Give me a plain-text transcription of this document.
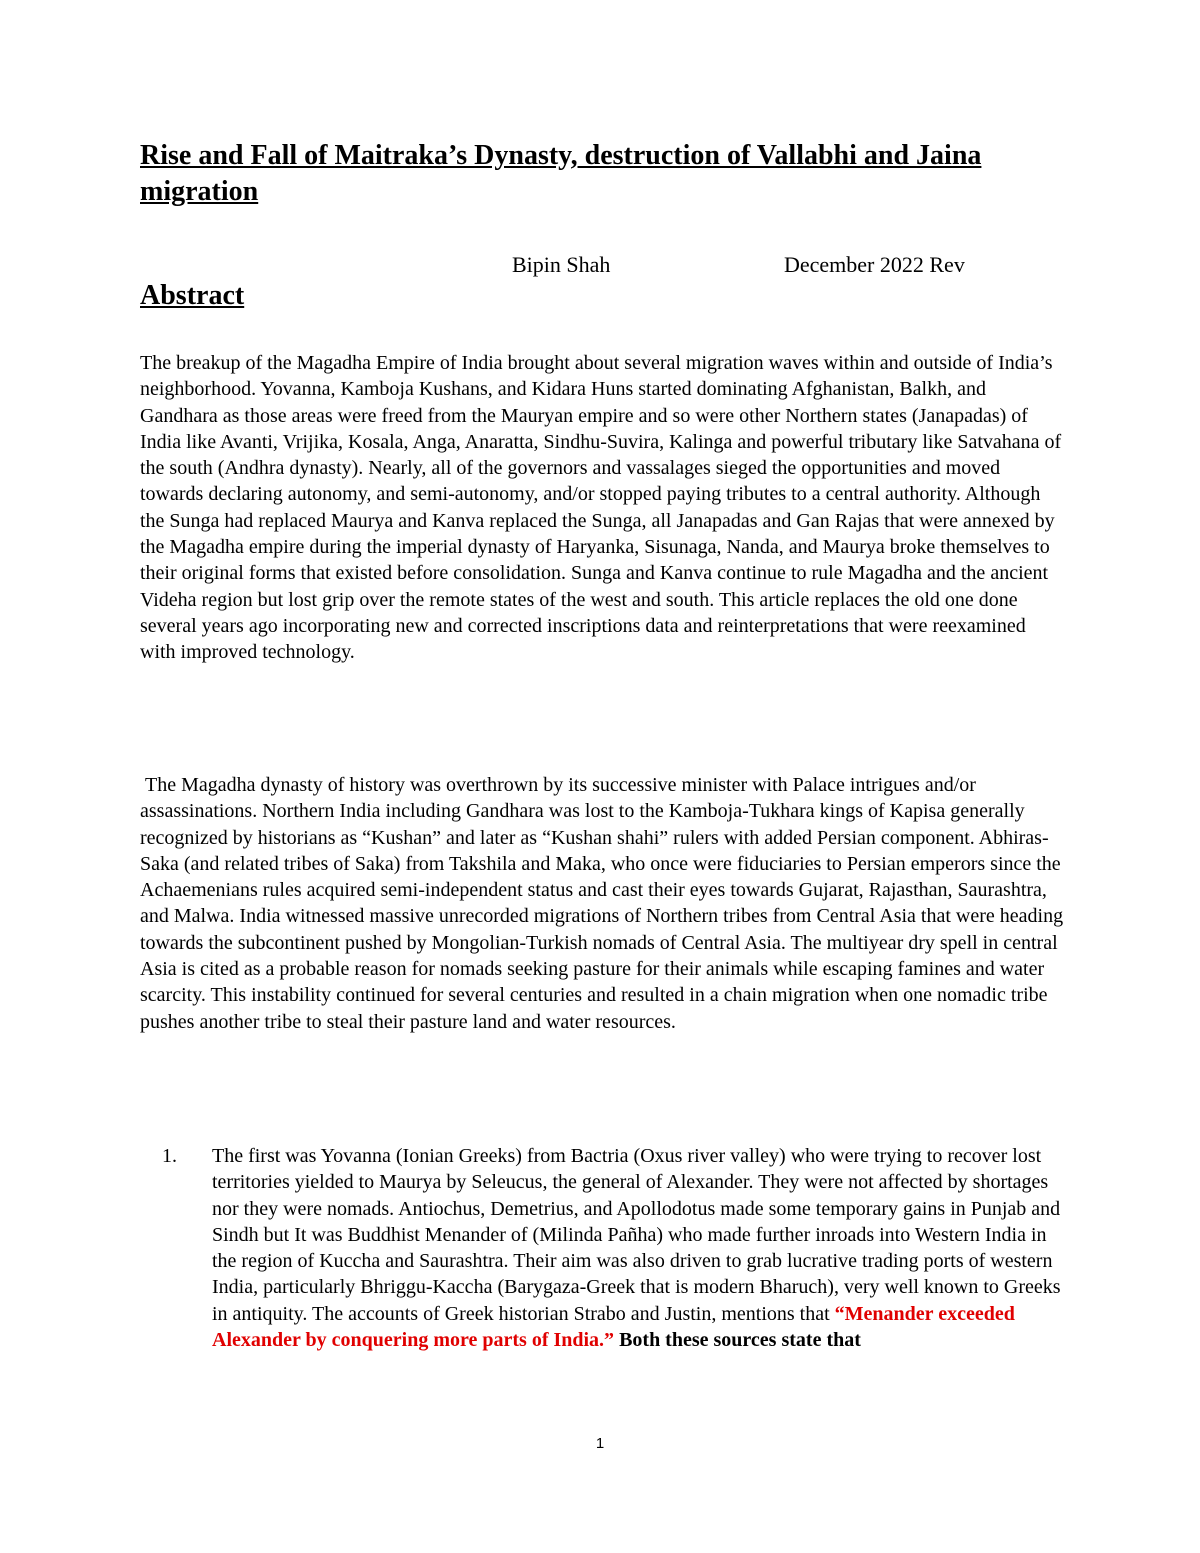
Rise and Fall of Maitraka’s Dynasty, destruction of Vallabhi and Jaina migration
Bipin Shah	December 2022 Rev
Abstract

The breakup of the Magadha Empire of India brought about several migration waves within and outside of India’s neighborhood. Yovanna, Kamboja Kushans, and Kidara Huns started dominating Afghanistan, Balkh, and Gandhara as those areas were freed from the Mauryan empire and so were other Northern states (Janapadas) of India like Avanti, Vrijika, Kosala, Anga, Anaratta, Sindhu-Suvira, Kalinga and powerful tributary like Satvahana of the south (Andhra dynasty). Nearly, all of the governors and vassalages sieged the opportunities and moved towards declaring autonomy, and semi-autonomy, and/or stopped paying tributes to a central authority. Although the Sunga had replaced Maurya and Kanva replaced the Sunga, all Janapadas and Gan Rajas that were annexed by the Magadha empire during the imperial dynasty of Haryanka, Sisunaga, Nanda, and Maurya broke themselves to their original forms that existed before consolidation. Sunga and Kanva continue to rule Magadha and the ancient Videha region but lost grip over the remote states of the west and south. This article replaces the old one done several years ago incorporating new and corrected inscriptions data and reinterpretations that were reexamined with improved technology.

The Magadha dynasty of history was overthrown by its successive minister with Palace intrigues and/or assassinations. Northern India including Gandhara was lost to the Kamboja-Tukhara kings of Kapisa generally recognized by historians as “Kushan” and later as “Kushan shahi” rulers with added Persian component. Abhiras- Saka (and related tribes of Saka) from Takshila and Maka, who once were fiduciaries to Persian emperors since the Achaemenians rules acquired semi-independent status and cast their eyes towards Gujarat, Rajasthan, Saurashtra, and Malwa. India witnessed massive unrecorded migrations of Northern tribes from Central Asia that were heading towards the subcontinent pushed by Mongolian-Turkish nomads of Central Asia. The multiyear dry spell in central Asia is cited as a probable reason for nomads seeking pasture for their animals while escaping famines and water scarcity. This instability continued for several centuries and resulted in a chain migration when one nomadic tribe pushes another tribe to steal their pasture land and water resources.

1. The first was Yovanna (Ionian Greeks) from Bactria (Oxus river valley) who were trying to recover lost territories yielded to Maurya by Seleucus, the general of Alexander. They were not affected by shortages nor they were nomads. Antiochus, Demetrius, and Apollodotus made some temporary gains in Punjab and Sindh but It was Buddhist Menander of (Milinda Pañha) who made further inroads into Western India in the region of Kuccha and Saurashtra. Their aim was also driven to grab lucrative trading ports of western India, particularly Bhriggu-Kaccha (Barygaza-Greek that is modern Bharuch), very well known to Greeks in antiquity. The accounts of Greek historian Strabo and Justin, mentions that “Menander exceeded Alexander by conquering more parts of India.” Both these sources state that
1
